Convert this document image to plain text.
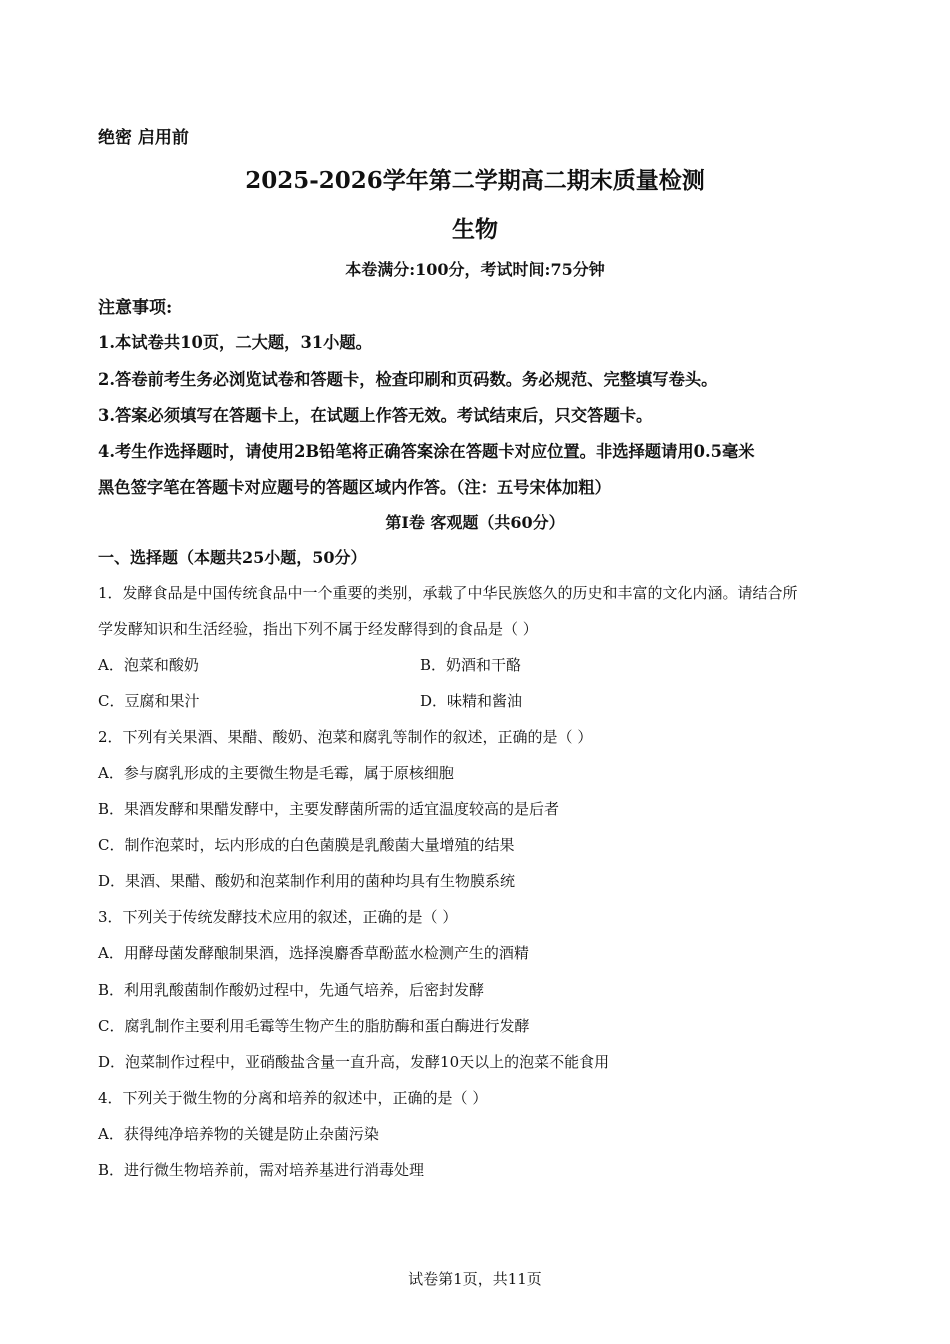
绝密 启用前
2025-2026学年第二学期高二期末质量检测
生物
本卷满分:100分，考试时间:75分钟
注意事项:
1.本试卷共10页，二大题，31小题。
2.答卷前考生务必浏览试卷和答题卡，检查印刷和页码数。务必规范、完整填写卷头。
3.答案必须填写在答题卡上，在试题上作答无效。考试结束后，只交答题卡。
4.考生作选择题时，请使用2B铅笔将正确答案涂在答题卡对应位置。非选择题请用0.5毫米
黑色签字笔在答题卡对应题号的答题区域内作答。（注：五号宋体加粗）
第Ⅰ卷 客观题（共60分）
一、选择题（本题共25小题，50分）
1．发酵食品是中国传统食品中一个重要的类别，承载了中华民族悠久的历史和丰富的文化内涵。请结合所
学发酵知识和生活经验，指出下列不属于经发酵得到的食品是（ ）
A．泡菜和酸奶	B．奶酒和干酪
C．豆腐和果汁	D．味精和酱油
2．下列有关果酒、果醋、酸奶、泡菜和腐乳等制作的叙述，正确的是（ ）
A．参与腐乳形成的主要微生物是毛霉，属于原核细胞
B．果酒发酵和果醋发酵中，主要发酵菌所需的适宜温度较高的是后者
C．制作泡菜时，坛内形成的白色菌膜是乳酸菌大量增殖的结果
D．果酒、果醋、酸奶和泡菜制作利用的菌种均具有生物膜系统
3．下列关于传统发酵技术应用的叙述，正确的是（ ）
A．用酵母菌发酵酿制果酒，选择溴麝香草酚蓝水检测产生的酒精
B．利用乳酸菌制作酸奶过程中，先通气培养，后密封发酵
C．腐乳制作主要利用毛霉等生物产生的脂肪酶和蛋白酶进行发酵
D．泡菜制作过程中，亚硝酸盐含量一直升高，发酵10天以上的泡菜不能食用
4．下列关于微生物的分离和培养的叙述中，正确的是（ ）
A．获得纯净培养物的关键是防止杂菌污染
B．进行微生物培养前，需对培养基进行消毒处理
试卷第1页，共11页
